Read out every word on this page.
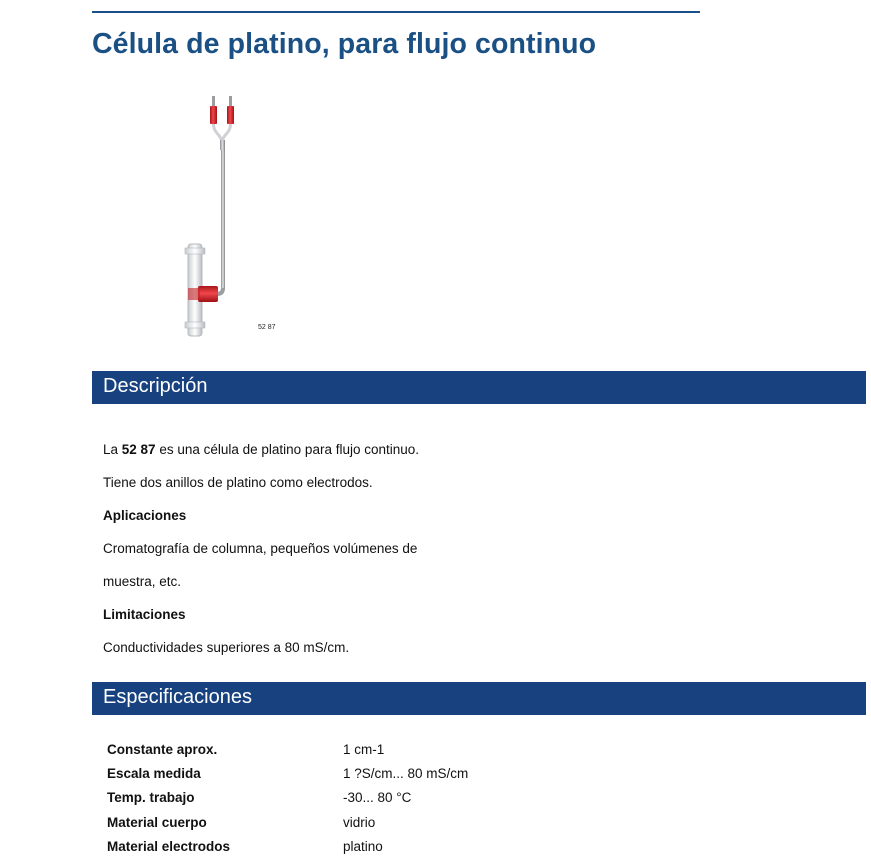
Célula de platino, para flujo continuo
52 87
Descripción
La 52 87 es una célula de platino para flujo continuo.
Tiene dos anillos de platino como electrodos.
Aplicaciones
Cromatografía de columna, pequeños volúmenes de
muestra, etc.
Limitaciones
Conductividades superiores a 80 mS/cm.
Especificaciones
Constante aprox.	1 cm-1
Escala medida	1 ?S/cm... 80 mS/cm
Temp. trabajo	-30... 80 °C
Material cuerpo	vidrio
Material electrodos	platino
